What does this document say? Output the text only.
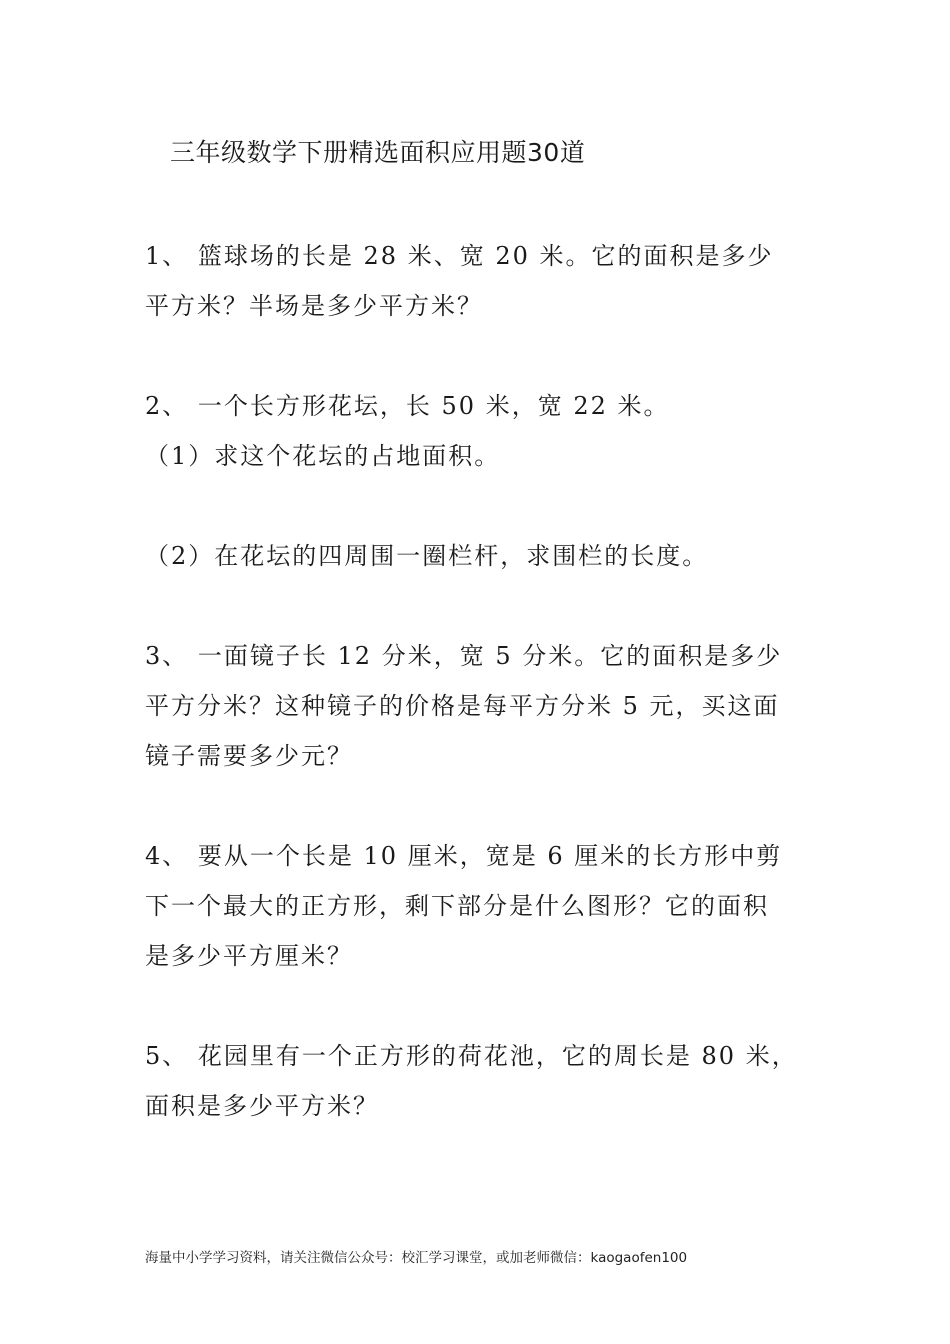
三年级数学下册精选面积应用题30道
1、 篮球场的长是 28 米、宽 20 米。它的面积是多少
平方米？半场是多少平方米？
2、 一个长方形花坛，长 50 米，宽 22 米。
（1）求这个花坛的占地面积。
（2）在花坛的四周围一圈栏杆，求围栏的长度。
3、 一面镜子长 12 分米，宽 5 分米。它的面积是多少
平方分米？这种镜子的价格是每平方分米 5 元，买这面
镜子需要多少元？
4、 要从一个长是 10 厘米，宽是 6 厘米的长方形中剪
下一个最大的正方形，剩下部分是什么图形？它的面积
是多少平方厘米？
5、 花园里有一个正方形的荷花池，它的周长是 80 米，
面积是多少平方米？
海量中小学学习资料，请关注微信公众号：校汇学习课堂，或加老师微信：kaogaofen100
